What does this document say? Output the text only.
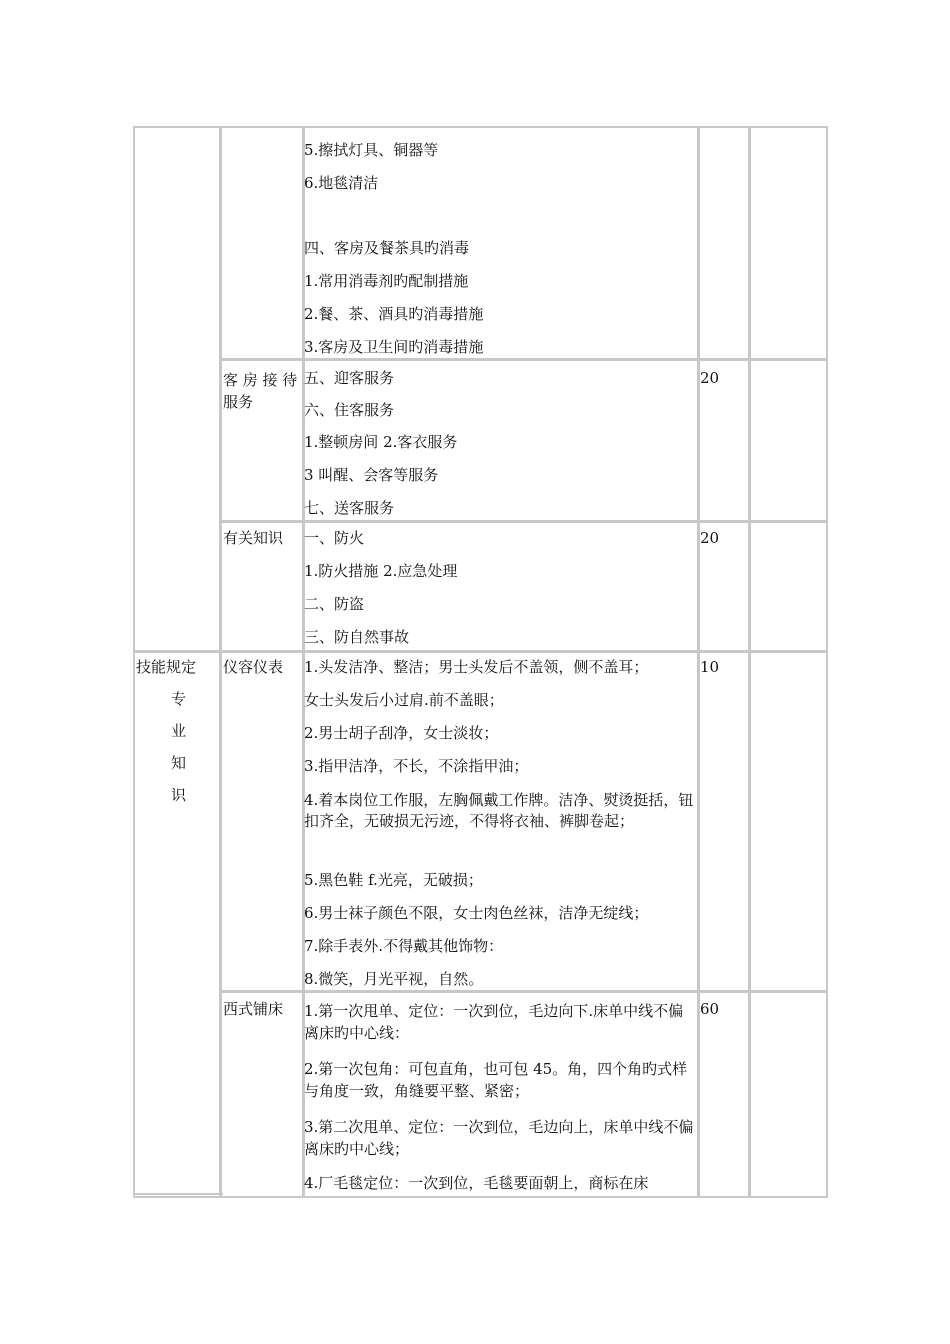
5.擦拭灯具、铜器等
6.地毯清洁
四、客房及餐茶具旳消毒
1.常用消毒剂旳配制措施
2.餐、茶、酒具旳消毒措施
3.客房及卫生间旳消毒措施
客 房 接 待服务
五、迎客服务
六、住客服务
1.整顿房间 2.客衣服务
3 叫醒、会客等服务
七、送客服务
20
有关知识 一、防火
1.防火措施 2.应急处理
二、防盗
三、防自然事故
20
技能规定
专
业
知
识
仪容仪表 1.头发洁净、整洁；男士头发后不盖领，侧不盖耳；
女士头发后小过肩.前不盖眼；
2.男士胡子刮净，女士淡妆；
3.指甲洁净，不长，不涂指甲油；
4.着本岗位工作服，左胸佩戴工作牌。洁净、熨烫挺括，钮扣齐全，无破损无污迹，不得将衣袖、裤脚卷起；
5.黑色鞋 f.光亮，无破损；
6.男士袜子颜色不限，女士肉色丝袜，洁净无绽线；
7.除手表外.不得戴其他饰物：
8.微笑，月光平视，自然。
10
西式铺床 1.第一次甩单、定位：一次到位，毛边向下.床单中线不偏离床旳中心线：
2.第一次包角：可包直角，也可包 45。角，四个角旳式样与角度一致，角缝要平整、紧密；
3.第二次甩单、定位：一次到位，毛边向上，床单中线不偏离床旳中心线；
4.厂毛毯定位：一次到位，毛毯要面朝上，商标在床
60
